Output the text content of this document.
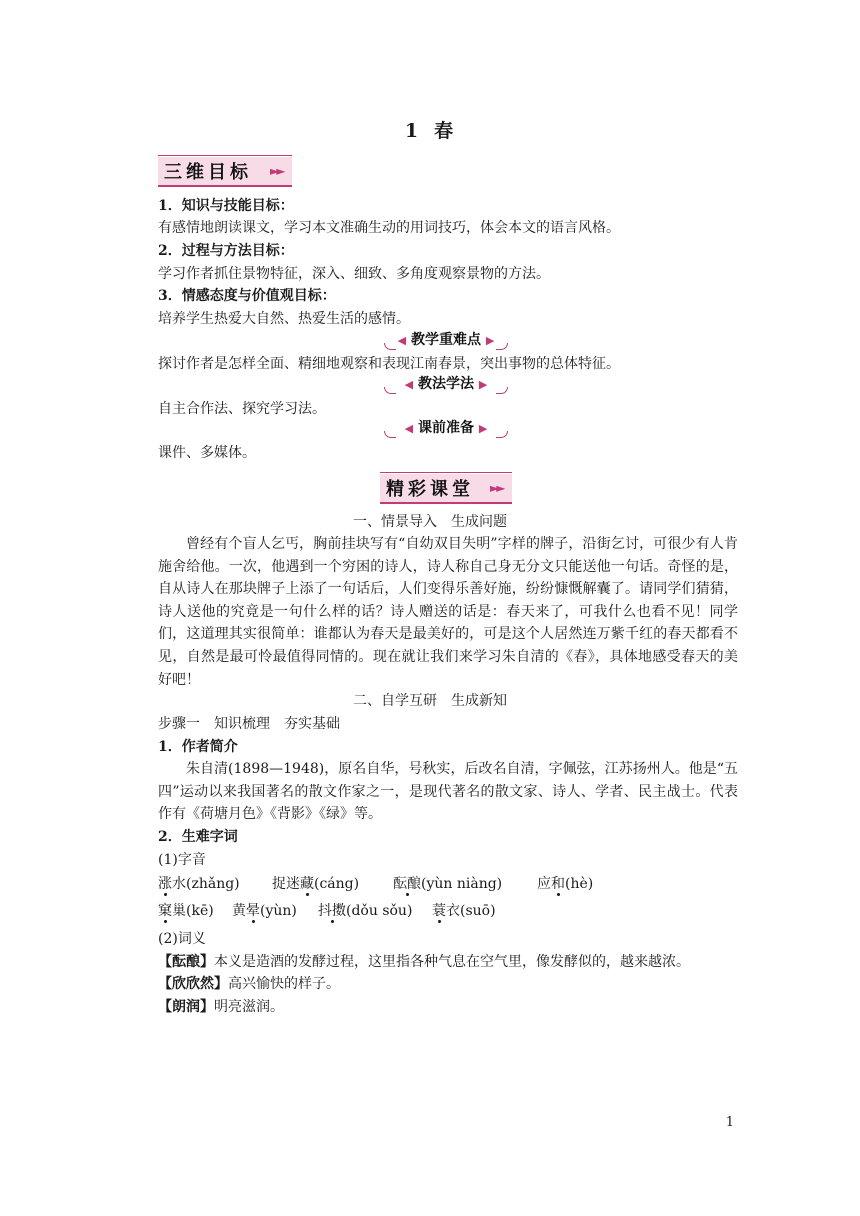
1 春
三维目标 ►►
1．知识与技能目标：
有感情地朗读课文，学习本文准确生动的用词技巧，体会本文的语言风格。
2．过程与方法目标：
学习作者抓住景物特征，深入、细致、多角度观察景物的方法。
3．情感态度与价值观目标：
培养学生热爱大自然、热爱生活的感情。
◀ 教学重难点 ▶
探讨作者是怎样全面、精细地观察和表现江南春景，突出事物的总体特征。
◀ 教法学法 ▶
自主合作法、探究学习法。
◀ 课前准备 ▶
课件、多媒体。
精彩课堂 ►►
一、情景导入　生成问题
曾经有个盲人乞丐，胸前挂块写有“自幼双目失明”字样的牌子，沿街乞讨，可很少有人肯施舍给他。一次，他遇到一个穷困的诗人，诗人称自己身无分文只能送他一句话。奇怪的是，自从诗人在那块牌子上添了一句话后，人们变得乐善好施，纷纷慷慨解囊了。请同学们猜猜，诗人送他的究竟是一句什么样的话？诗人赠送的话是：春天来了，可我什么也看不见！同学们，这道理其实很简单：谁都认为春天是最美好的，可是这个人居然连万紫千红的春天都看不见，自然是最可怜最值得同情的。现在就让我们来学习朱自清的《春》，具体地感受春天的美好吧！
二、自学互研　生成新知
步骤一　知识梳理　夯实基础
1．作者简介
朱自清(1898—1948)，原名自华，号秋实，后改名自清，字佩弦，江苏扬州人。他是“五四”运动以来我国著名的散文作家之一，是现代著名的散文家、诗人、学者、民主战士。代表作有《荷塘月色》《背影》《绿》等。
2．生难字词
(1)字音
涨水(zhǎng) 捉迷藏(cáng) 酝酿(yùn niàng) 应和(hè)
窠巢(kē) 黄晕(yùn) 抖擞(dǒu sǒu) 蓑衣(suō)
(2)词义
【酝酿】本义是造酒的发酵过程，这里指各种气息在空气里，像发酵似的，越来越浓。
【欣欣然】高兴愉快的样子。
【朗润】明亮滋润。
1
